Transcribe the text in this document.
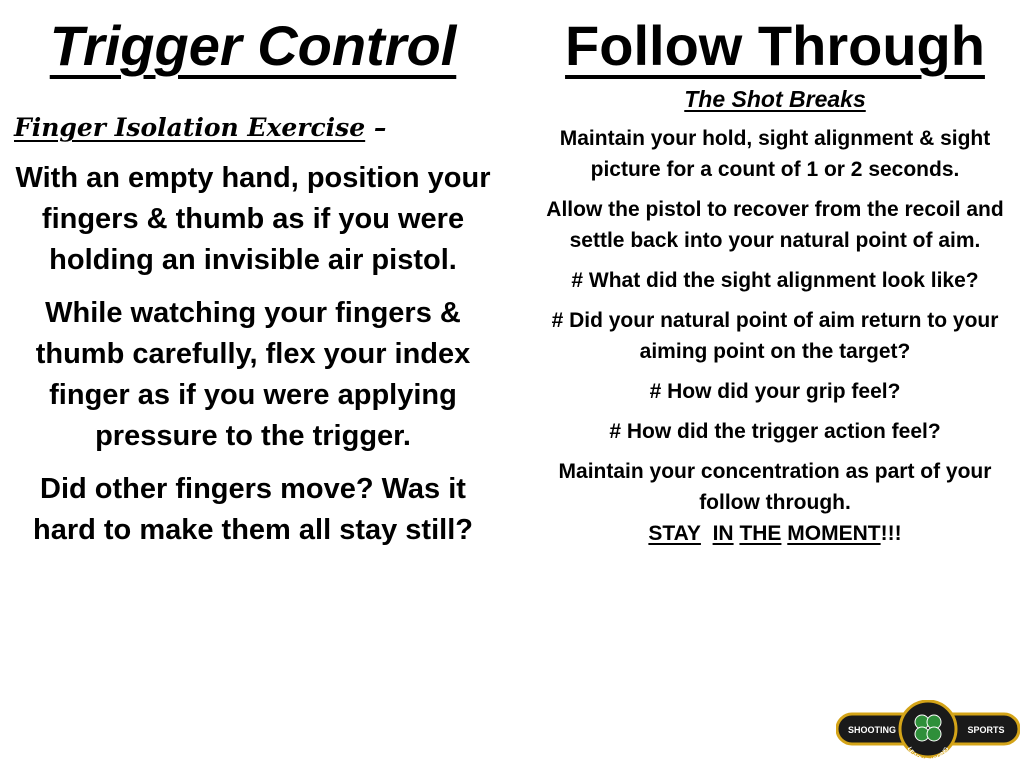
Trigger Control
Finger Isolation Exercise –
With an empty hand, position your fingers & thumb as if you were holding an invisible air pistol.
While watching your fingers & thumb carefully, flex your index finger as if you were applying pressure to the trigger.
Did other fingers move? Was it hard to make them all stay still?
Follow Through
The Shot Breaks
Maintain your hold, sight alignment & sight picture for a count of 1 or 2 seconds.
Allow the pistol to recover from the recoil and settle back into your natural point of aim.
# What did the sight alignment look like?
# Did your natural point of aim return to your aiming point on the target?
# How did your grip feel?
# How did the trigger action feel?
Maintain your concentration as part of your follow through.
STAY IN THE MOMENT!!!
SHOOTING	SPORTS
LEARN BY DOING
